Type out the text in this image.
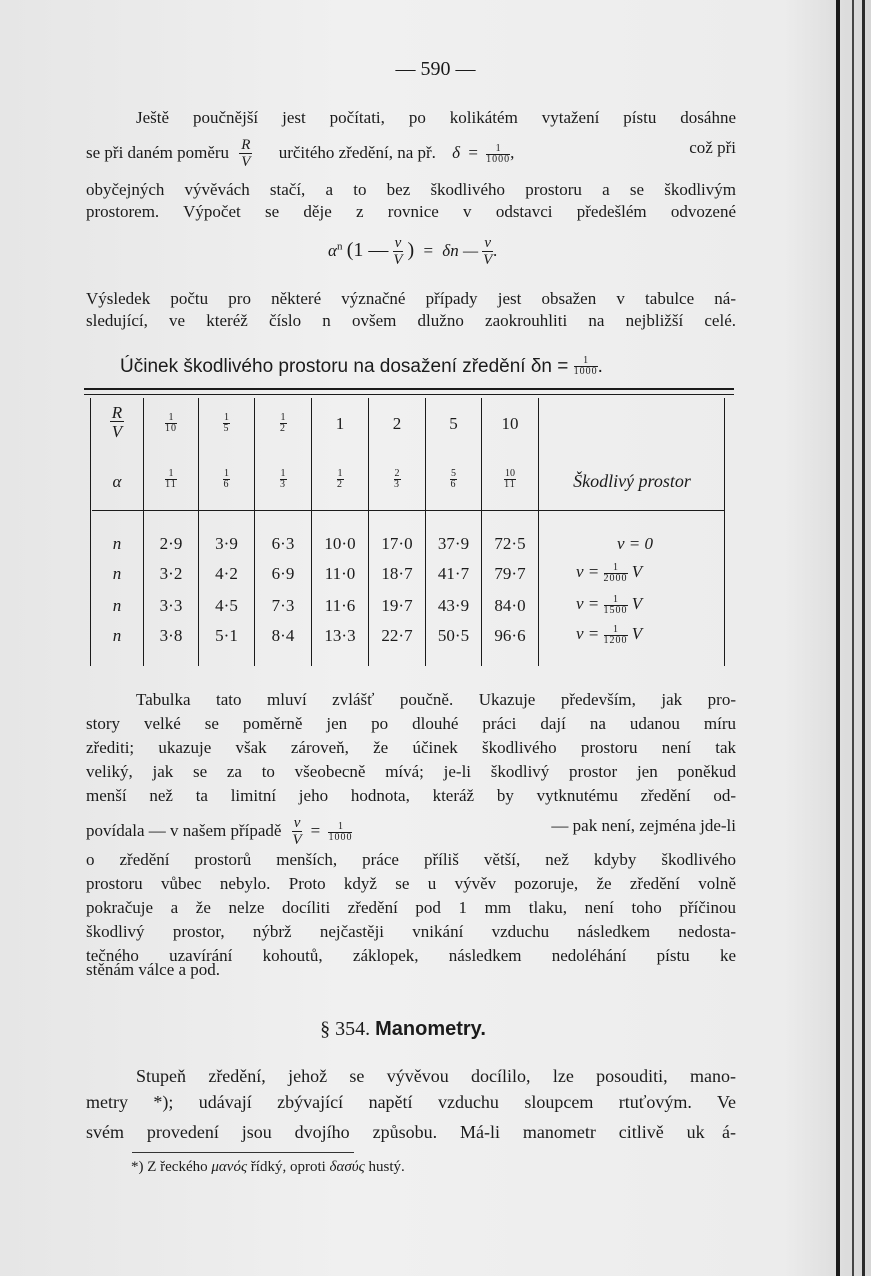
— 590 —
Ještě poučnější jest počítati, po kolikátém vytažení pístu dosáhne
se při daném poměru $\frac{R}{V}$ určitého zředění, na př. $\delta = \frac{1}{1000}$ ,	což při
obyčejných vývěvách stačí, a to bez škodlivého prostoru a se škodlivým
prostorem. Výpočet se děje z rovnice v odstavci předešlém odvozené
$\alpha^n$ (1 — $\frac{v}{V}$ ) = δn — $\frac{v}{V}$ .
Výsledek počtu pro některé význačné případy jest obsažen v tabulce ná-
sledující, ve kteréž číslo n ovšem dlužno zaokrouhliti na nejbližší celé.
Účinek škodlivého prostoru na dosažení zředění $\delta n = \frac{1}{1000}$ .
$\frac{R}{V}$	$\frac{1}{10}$	$\frac{1}{5}$	$\frac{1}{2}$	1	2	5	10
α	$\frac{1}{11}$	$\frac{1}{6}$	$\frac{1}{3}$	$\frac{1}{2}$	$\frac{2}{3}$	$\frac{5}{6}$	$\frac{10}{11}$	Škodlivý prostor
n	2·9	3·9	6·3	10·0	17·0	37·9	72·5	v = 0
n	3·2	4·2	6·9	11·0	18·7	41·7	79·7	$v = \frac{1}{2000}$ V
n	3·3	4·5	7·3	11·6	19·7	43·9	84·0	$v = \frac{1}{1500}$ V
n	3·8	5·1	8·4	13·3	22·7	50·5	96·6	$v = \frac{1}{1200}$ V
Tabulka tato mluví zvlášť poučně. Ukazuje především, jak pro-
story velké se poměrně jen po dlouhé práci dají na udanou míru
zřediti; ukazuje však zároveň, že účinek škodlivého prostoru není tak
veliký, jak se za to všeobecně mívá; je-li škodlivý prostor jen poněkud
menší než ta limitní jeho hodnota, kteráž by vytknutému zředění od-
povídala — v našem případě $\frac{v}{V} = \frac{1}{1000}$	— pak není, zejména jde-li
o zředění prostorů menších, práce příliš větší, než kdyby škodlivého
prostoru vůbec nebylo. Proto když se u vývěv pozoruje, že zředění volně
pokračuje a že nelze docíliti zředění pod 1 mm tlaku, není toho příčinou
škodlivý prostor, nýbrž nejčastěji vnikání vzduchu následkem nedosta-
tečného uzavírání kohoutů, záklopek, následkem nedoléhání pístu ke
stěnám válce a pod.
§ 354. Manometry.
Stupeň zředění, jehož se vývěvou docílilo, lze posouditi, mano-
metry *); udávají zbývající napětí vzduchu sloupcem rtuťovým. Ve
svém provedení jsou dvojího způsobu. Má-li manometr citlivě ukᅟá-
*) Z řeckého μανός řídký, oproti δασύς hustý.
